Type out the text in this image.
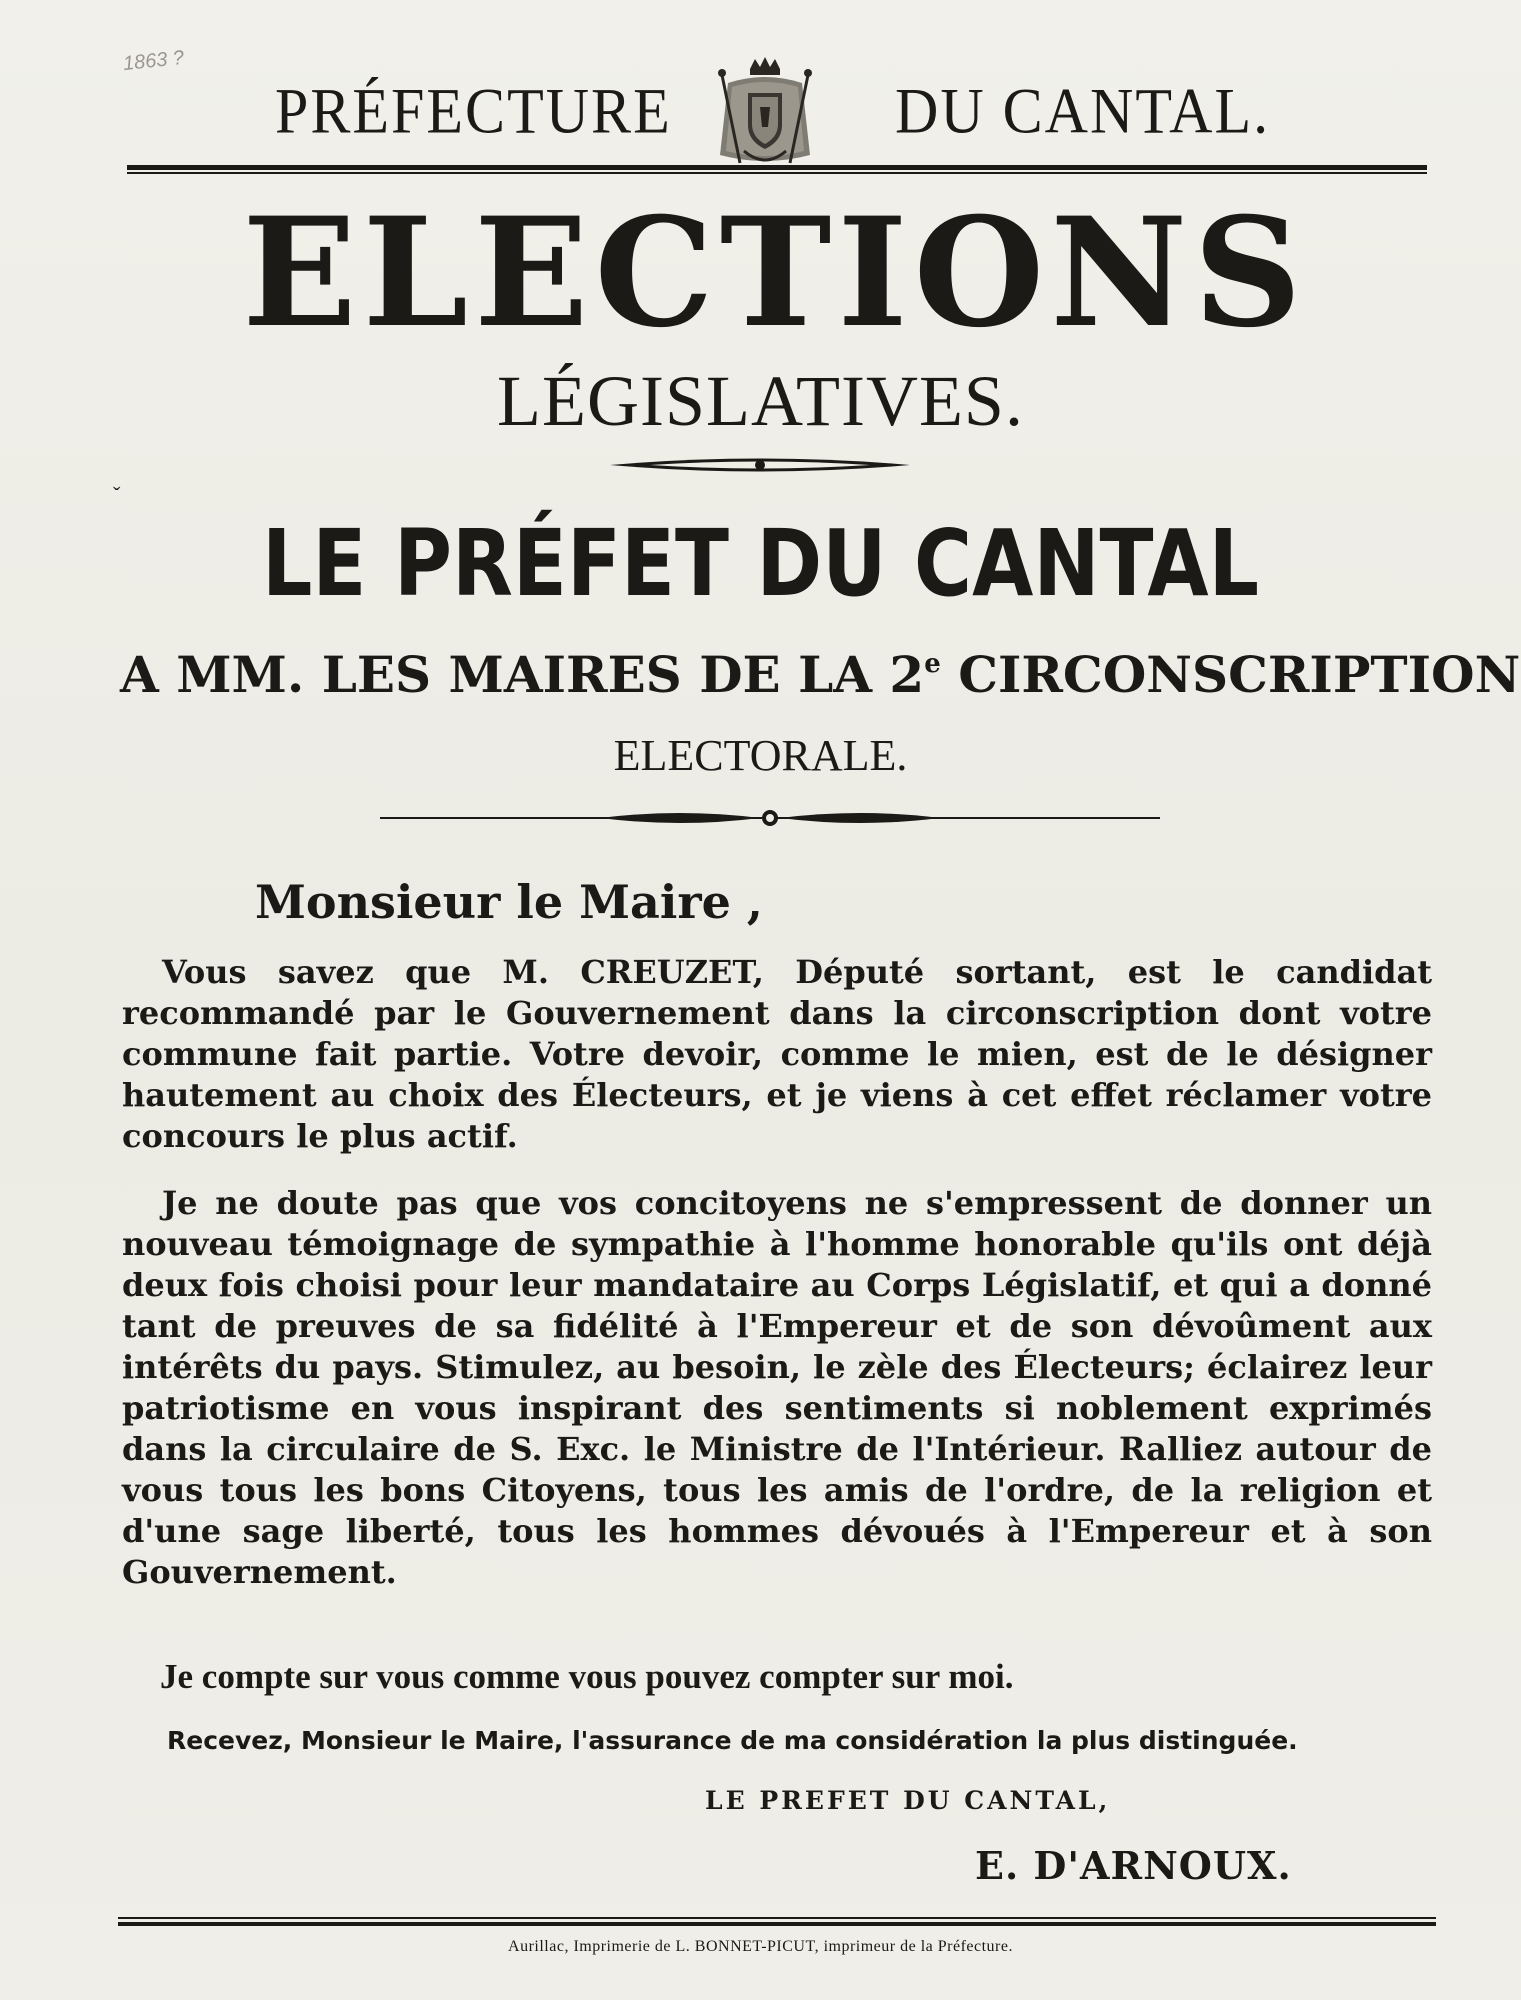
1863 ?
PRÉFECTURE	DU CANTAL.
ELECTIONS
LÉGISLATIVES.
ˇ
LE PRÉFET DU CANTAL
A MM. LES MAIRES DE LA 2e CIRCONSCRIPTION
ELECTORALE.
Monsieur le Maire ,

Vous savez que M. CREUZET, Député sortant, est le candidat recommandé par le Gouvernement dans la circonscription dont votre commune fait partie. Votre devoir, comme le mien, est de le désigner hautement au choix des Électeurs, et je viens à cet effet réclamer votre concours le plus actif.

Je ne doute pas que vos concitoyens ne s'empressent de donner un nouveau témoignage de sympathie à l'homme honorable qu'ils ont déjà deux fois choisi pour leur mandataire au Corps Législatif, et qui a donné tant de preuves de sa fidélité à l'Empereur et de son dévoûment aux intérêts du pays. Stimulez, au besoin, le zèle des Électeurs; éclairez leur patriotisme en vous inspirant des sentiments si noblement exprimés dans la circulaire de S. Exc. le Ministre de l'Intérieur. Ralliez autour de vous tous les bons Citoyens, tous les amis de l'ordre, de la religion et d'une sage liberté, tous les hommes dévoués à l'Empereur et à son Gouvernement.

Je compte sur vous comme vous pouvez compter sur moi.
Recevez, Monsieur le Maire, l'assurance de ma considération la plus distinguée.
LE PREFET DU CANTAL,
E. D'ARNOUX.
Aurillac, Imprimerie de L. BONNET-PICUT, imprimeur de la Préfecture.
